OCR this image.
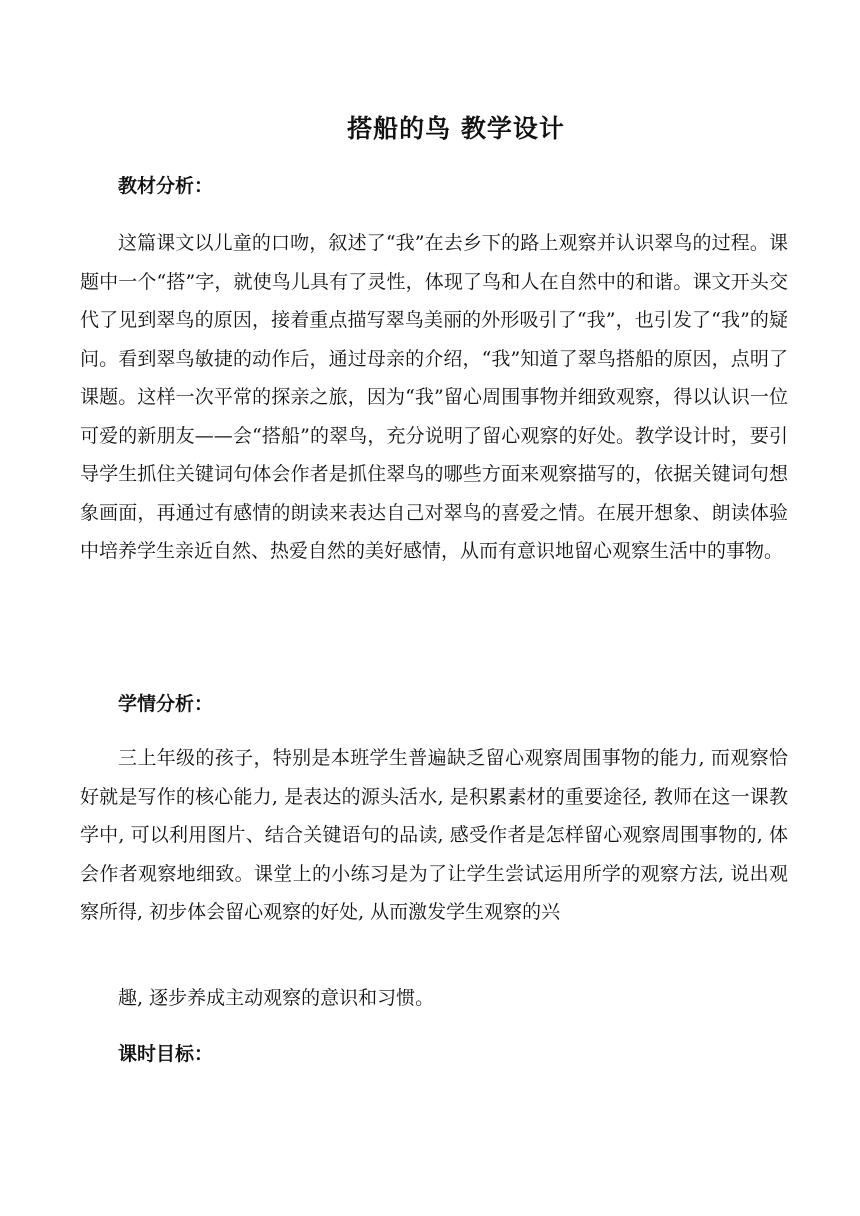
搭船的鸟 教学设计
教材分析：

这篇课文以儿童的口吻，叙述了“我”在去乡下的路上观察并认识翠鸟的过程。课题中一个“搭”字，就使鸟儿具有了灵性，体现了鸟和人在自然中的和谐。课文开头交代了见到翠鸟的原因，接着重点描写翠鸟美丽的外形吸引了“我”，也引发了“我”的疑问。看到翠鸟敏捷的动作后，通过母亲的介绍，“我”知道了翠鸟搭船的原因，点明了课题。这样一次平常的探亲之旅，因为“我”留心周围事物并细致观察，得以认识一位可爱的新朋友——会“搭船”的翠鸟，充分说明了留心观察的好处。教学设计时，要引导学生抓住关键词句体会作者是抓住翠鸟的哪些方面来观察描写的，依据关键词句想象画面，再通过有感情的朗读来表达自己对翠鸟的喜爱之情。在展开想象、朗读体验中培养学生亲近自然、热爱自然的美好感情，从而有意识地留心观察生活中的事物。

学情分析：

三上年级的孩子，特别是本班学生普遍缺乏留心观察周围事物的能力, 而观察恰好就是写作的核心能力, 是表达的源头活水, 是积累素材的重要途径, 教师在这一课教学中, 可以利用图片、结合关键语句的品读, 感受作者是怎样留心观察周围事物的, 体会作者观察地细致。课堂上的小练习是为了让学生尝试运用所学的观察方法, 说出观察所得, 初步体会留心观察的好处, 从而激发学生观察的兴

趣, 逐步养成主动观察的意识和习惯。
课时目标：
